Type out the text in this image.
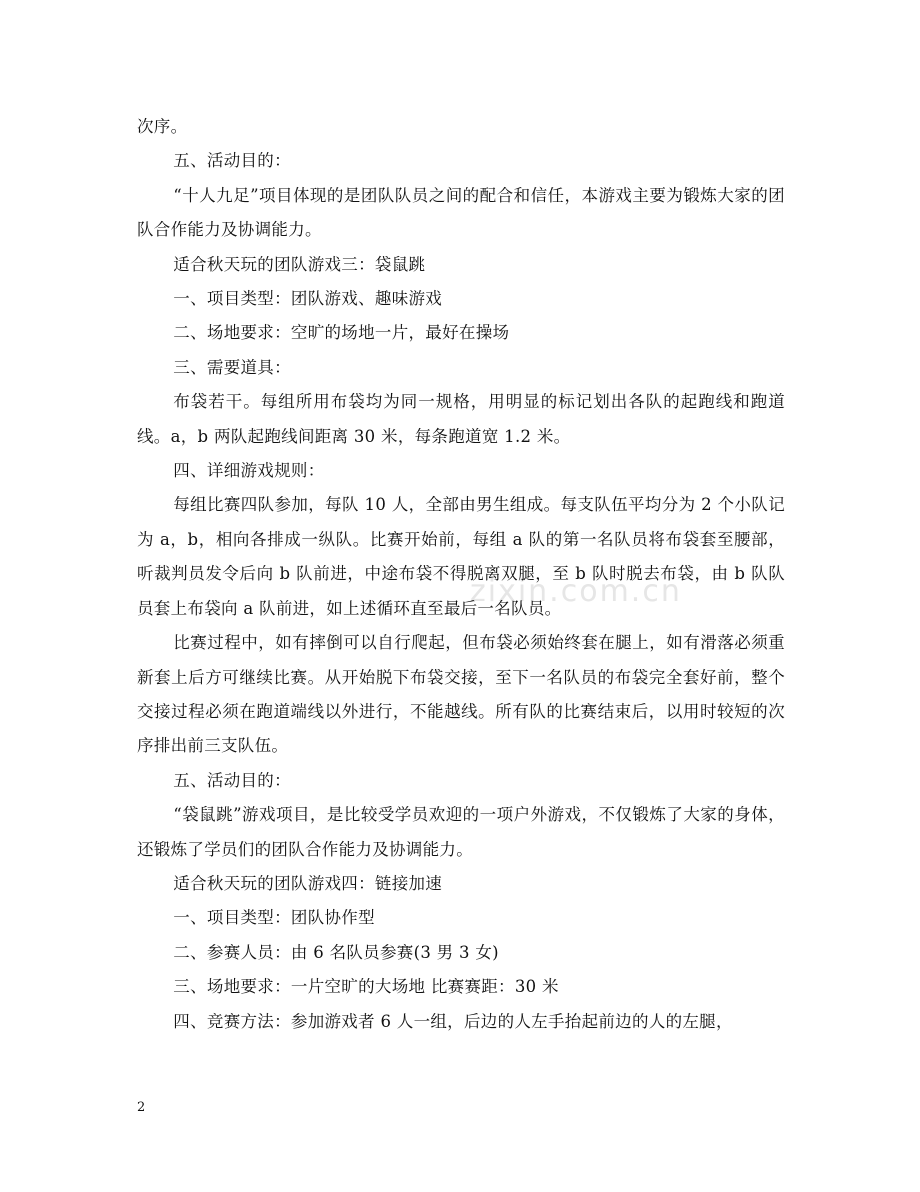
zixin.com.cn

次序。

五、活动目的：

“十人九足”项目体现的是团队队员之间的配合和信任，本游戏主要为锻炼大家的团队合作能力及协调能力。

适合秋天玩的团队游戏三：袋鼠跳

一、项目类型：团队游戏、趣味游戏

二、场地要求：空旷的场地一片，最好在操场

三、需要道具：

布袋若干。每组所用布袋均为同一规格，用明显的标记划出各队的起跑线和跑道线。a，b 两队起跑线间距离 30 米，每条跑道宽 1.2 米。

四、详细游戏规则：

每组比赛四队参加，每队 10 人，全部由男生组成。每支队伍平均分为 2 个小队记为 a，b，相向各排成一纵队。比赛开始前，每组 a 队的第一名队员将布袋套至腰部，听裁判员发令后向 b 队前进，中途布袋不得脱离双腿，至 b 队时脱去布袋，由 b 队队员套上布袋向 a 队前进，如上述循环直至最后一名队员。

比赛过程中，如有摔倒可以自行爬起，但布袋必须始终套在腿上，如有滑落必须重新套上后方可继续比赛。从开始脱下布袋交接，至下一名队员的布袋完全套好前，整个交接过程必须在跑道端线以外进行，不能越线。所有队的比赛结束后，以用时较短的次序排出前三支队伍。

五、活动目的：

“袋鼠跳”游戏项目，是比较受学员欢迎的一项户外游戏，不仅锻炼了大家的身体，还锻炼了学员们的团队合作能力及协调能力。

适合秋天玩的团队游戏四：链接加速

一、项目类型：团队协作型

二、参赛人员：由 6 名队员参赛(3 男 3 女)

三、场地要求：一片空旷的大场地 比赛赛距：30 米

四、竞赛方法：参加游戏者 6 人一组，后边的人左手抬起前边的人的左腿，

2
